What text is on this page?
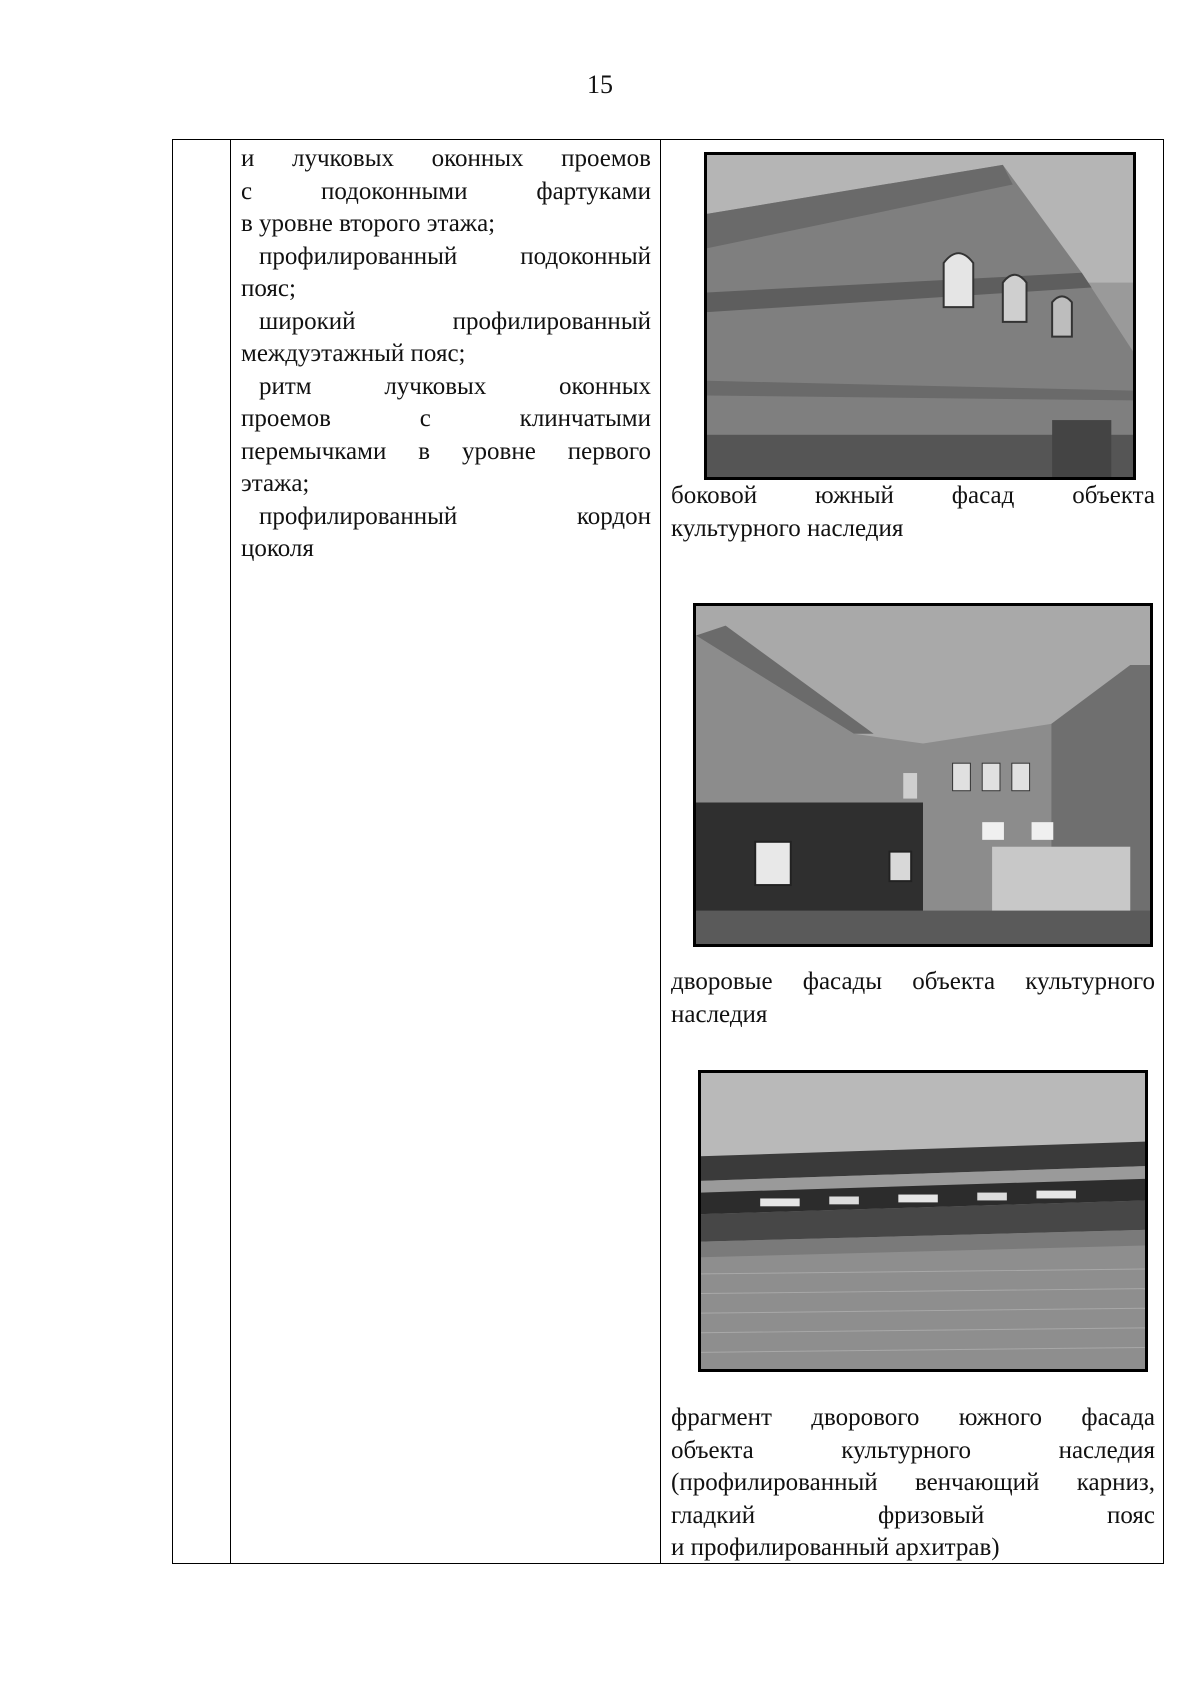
15

и лучковых оконных проемов
с подоконными фартуками
в уровне второго этажа;

профилированный подоконный

пояс;

широкий профилированный

междуэтажный пояс;

ритм лучковых оконных

проемов с клинчатыми
перемычками в уровне первого
этажа;

профилированный кордон

цоколя

боковой южный фасад объекта
культурного наследия
дворовые фасады объекта культурного
наследия
фрагмент дворового южного фасада
объекта культурного наследия
(профилированный венчающий карниз,
гладкий фризовый пояс
и профилированный архитрав)
